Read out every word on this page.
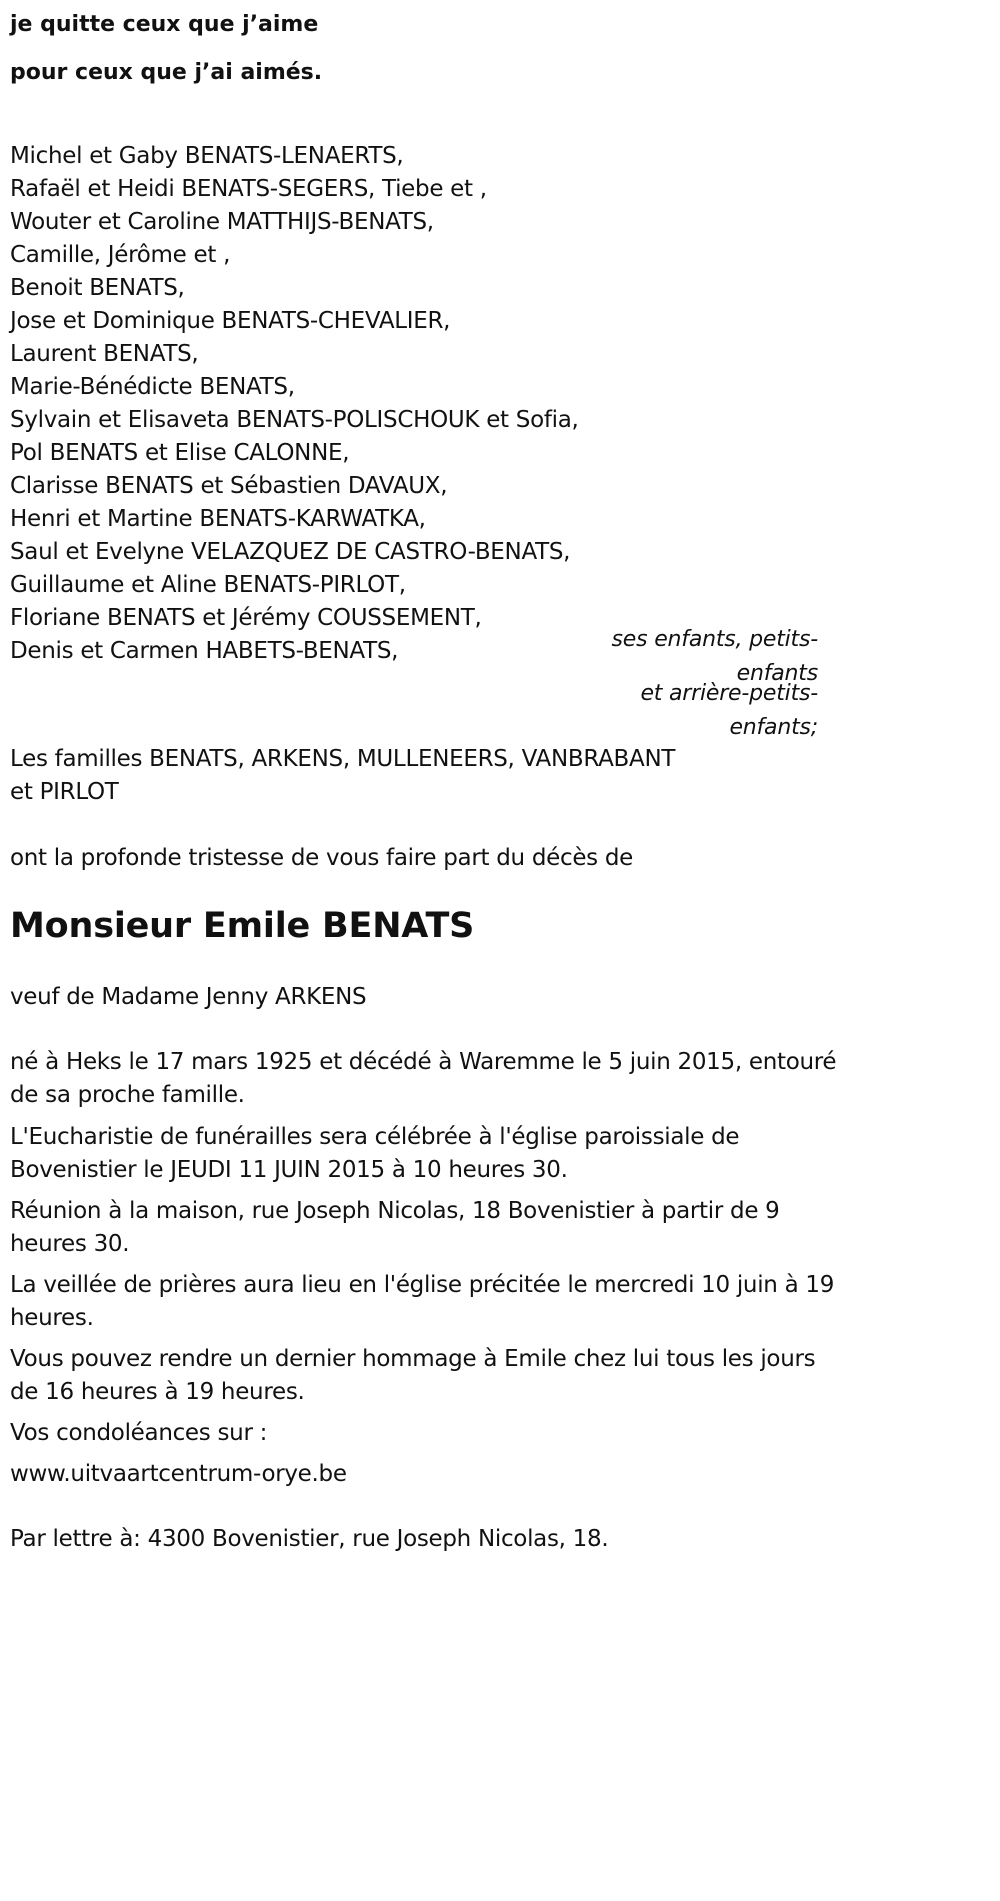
je quitte ceux que j’aime
pour ceux que j’ai aimés.
Michel et Gaby BENATS-LENAERTS,
Rafaël et Heidi BENATS-SEGERS, Tiebe et ,
Wouter et Caroline MATTHIJS-BENATS,
Camille, Jérôme et ,
Benoit BENATS,
Jose et Dominique BENATS-CHEVALIER,
Laurent BENATS,
Marie-Bénédicte BENATS,
Sylvain et Elisaveta BENATS-POLISCHOUK et Sofia,
Pol BENATS et Elise CALONNE,
Clarisse BENATS et Sébastien DAVAUX,
Henri et Martine BENATS-KARWATKA,
Saul et Evelyne VELAZQUEZ DE CASTRO-BENATS,
Guillaume et Aline BENATS-PIRLOT,
Floriane BENATS et Jérémy COUSSEMENT,
Denis et Carmen HABETS-BENATS,	ses enfants, petits-
enfants
et arrière-petits-
enfants;
Les familles BENATS, ARKENS, MULLENEERS, VANBRABANT
et PIRLOT
ont la profonde tristesse de vous faire part du décès de
Monsieur Emile BENATS
veuf de Madame Jenny ARKENS
né à Heks le 17 mars 1925 et décédé à Waremme le 5 juin 2015, entouré
de sa proche famille.
L'Eucharistie de funérailles sera célébrée à l'église paroissiale de
Bovenistier le JEUDI 11 JUIN 2015 à 10 heures 30.
Réunion à la maison, rue Joseph Nicolas, 18 Bovenistier à partir de 9
heures 30.
La veillée de prières aura lieu en l'église précitée le mercredi 10 juin à 19
heures.
Vous pouvez rendre un dernier hommage à Emile chez lui tous les jours
de 16 heures à 19 heures.
Vos condoléances sur :
www.uitvaartcentrum-orye.be
Par lettre à: 4300 Bovenistier, rue Joseph Nicolas, 18.
